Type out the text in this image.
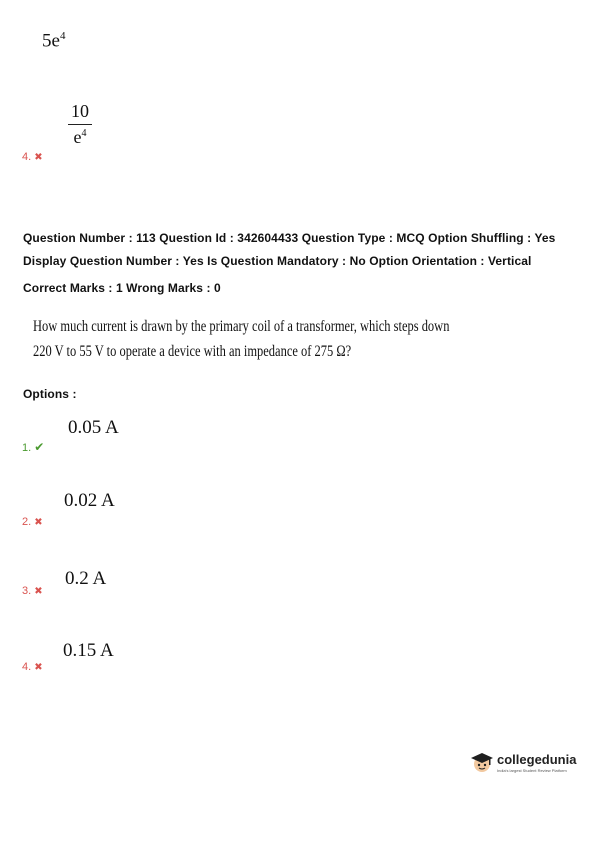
$5e^4$
10
$e^4$
4. ✖
Question Number : 113 Question Id : 342604433 Question Type : MCQ Option Shuffling : Yes
Display Question Number : Yes Is Question Mandatory : No Option Orientation : Vertical
Correct Marks : 1 Wrong Marks : 0
How much current is drawn by the primary coil of a transformer, which steps down
220 V to 55 V to operate a device with an impedance of 275 Ω?
Options :
0.05 A
1. ✔
0.02 A
2. ✖
0.2 A
3. ✖
0.15 A
4. ✖
collegedunia
India's largest Student Review Platform
